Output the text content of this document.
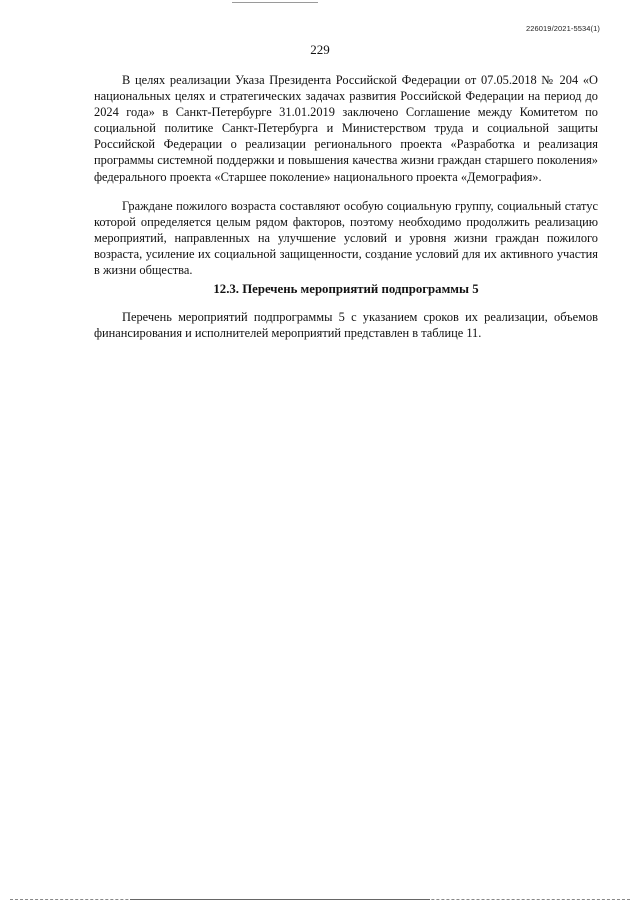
226019/2021-5534(1)
229

В целях реализации Указа Президента Российской Федерации от 07.05.2018 № 204 «О национальных целях и стратегических задачах развития Российской Федерации на период до 2024 года» в Санкт-Петербурге 31.01.2019 заключено Соглашение между Комитетом по социальной политике Санкт-Петербурга и Министерством труда и социальной защиты Российской Федерации о реализации регионального проекта «Разработка и реализация программы системной поддержки и повышения качества жизни граждан старшего поколения» федерального проекта «Старшее поколение» национального проекта «Демография».

Граждане пожилого возраста составляют особую социальную группу, социальный статус которой определяется целым рядом факторов, поэтому необходимо продолжить реализацию мероприятий, направленных на улучшение условий и уровня жизни граждан пожилого возраста, усиление их социальной защищенности, создание условий для их активного участия в жизни общества.

12.3. Перечень мероприятий подпрограммы 5

Перечень мероприятий подпрограммы 5 с указанием сроков их реализации, объемов финансирования и исполнителей мероприятий представлен в таблице 11.
